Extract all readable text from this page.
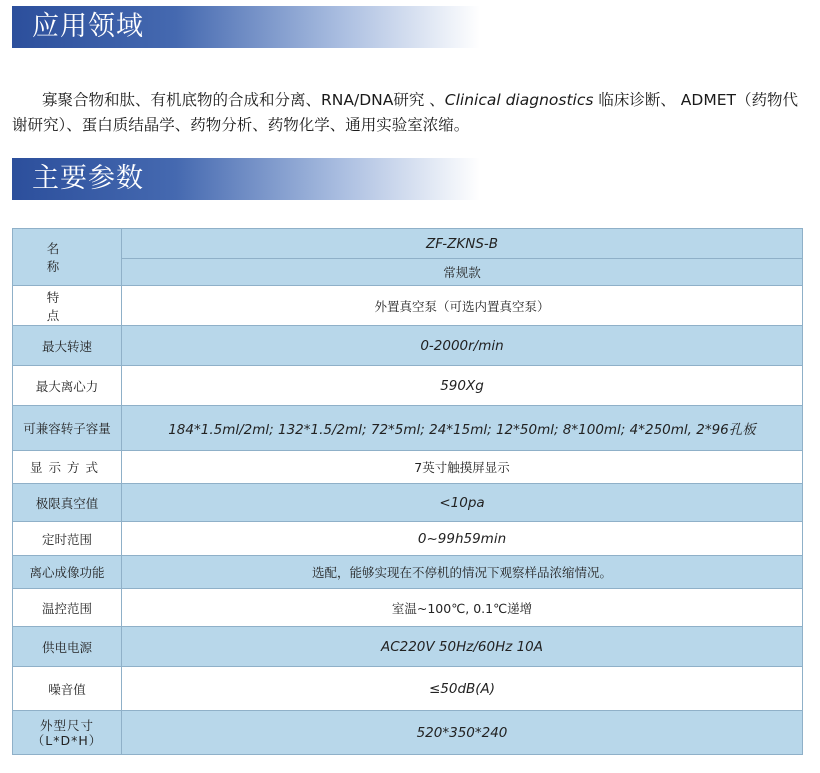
应用领域

寡聚合物和肽、有机底物的合成和分离、RNA/DNA研究 、Clinical diagnostics 临床诊断、 ADMET（药物代谢研究）、蛋白质结晶学、药物分析、药物化学、通用实验室浓缩。

主要参数
名 称	ZF-ZKNS-B
	常规款
特 点	外置真空泵（可选内置真空泵）
最大转速	0-2000r/min
最大离心力	590Xg
可兼容转子容量	184*1.5ml/2ml; 132*1.5/2ml; 72*5ml; 24*15ml; 12*50ml; 8*100ml; 4*250ml, 2*96孔板
显示方式	7英寸触摸屏显示
极限真空值	<10pa
定时范围	0~99h59min
离心成像功能	选配，能够实现在不停机的情况下观察样品浓缩情况。
温控范围	室温~100℃, 0.1℃递增
供电电源	AC220V 50Hz/60Hz 10A
噪音值	≤50dB(A)
外型尺寸（L*D*H）	520*350*240
